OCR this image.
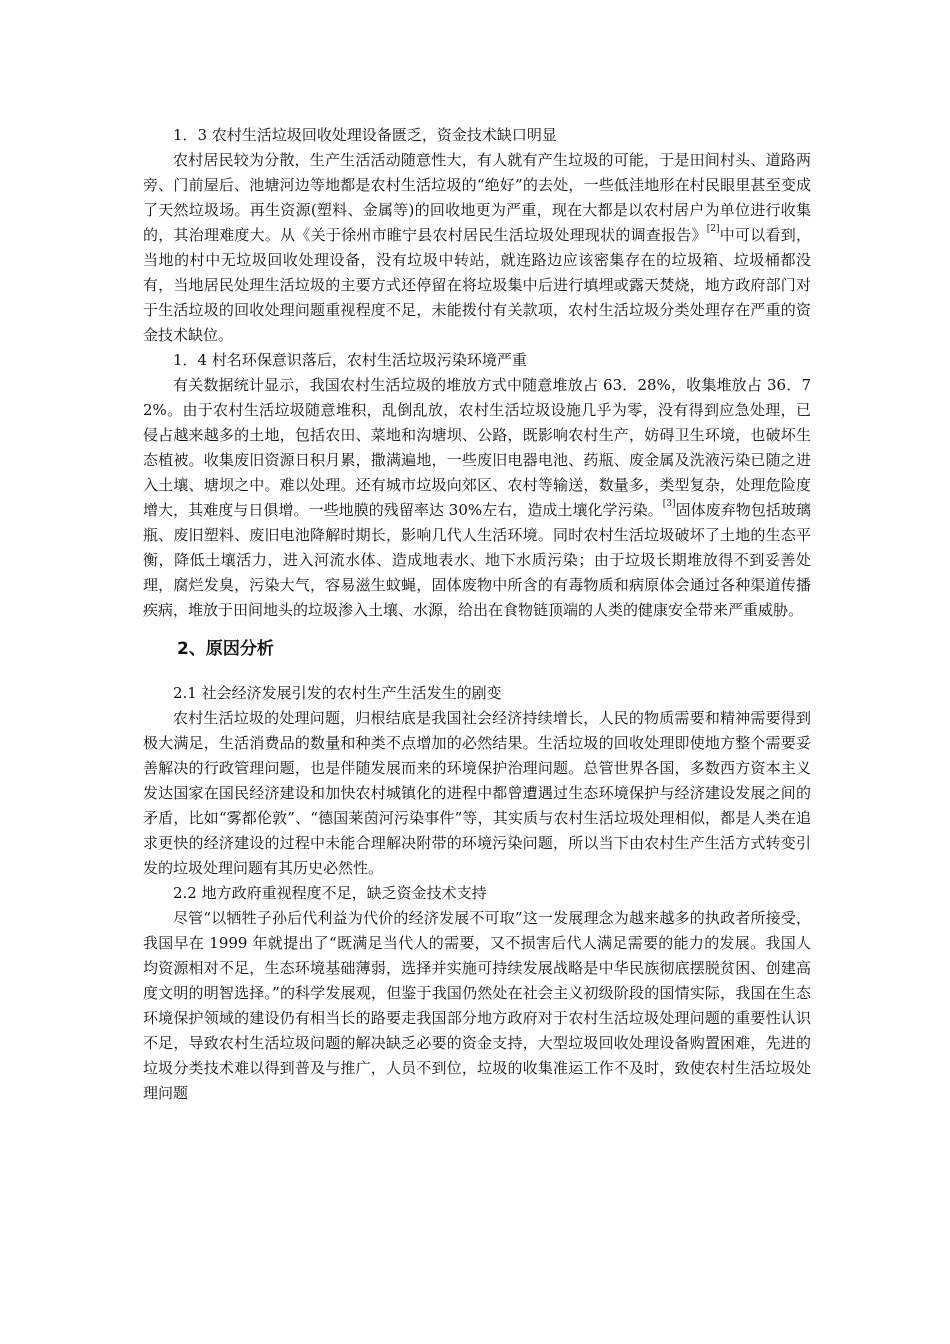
1．3 农村生活垃圾回收处理设备匮乏，资金技术缺口明显

农村居民较为分散，生产生活活动随意性大，有人就有产生垃圾的可能，于是田间村头、道路两旁、门前屋后、池塘河边等地都是农村生活垃圾的“绝好”的去处，一些低洼地形在村民眼里甚至变成了天然垃圾场。再生资源(塑料、金属等)的回收地更为严重，现在大都是以农村居户为单位进行收集的，其治理难度大。从《关于徐州市睢宁县农村居民生活垃圾处理现状的调查报告》[2]中可以看到，当地的村中无垃圾回收处理设备，没有垃圾中转站，就连路边应该密集存在的垃圾箱、垃圾桶都没有，当地居民处理生活垃圾的主要方式还停留在将垃圾集中后进行填埋或露天焚烧，地方政府部门对于生活垃圾的回收处理问题重视程度不足，未能拨付有关款项，农村生活垃圾分类处理存在严重的资金技术缺位。

1．4 村名环保意识落后，农村生活垃圾污染环境严重

有关数据统计显示，我国农村生活垃圾的堆放方式中随意堆放占 63．28%，收集堆放占 36．72%。由于农村生活垃圾随意堆积，乱倒乱放，农村生活垃圾设施几乎为零，没有得到应急处理，已侵占越来越多的土地，包括农田、菜地和沟塘坝、公路，既影响农村生产，妨碍卫生环境，也破坏生态植被。收集废旧资源日积月累，撒满遍地，一些废旧电器电池、药瓶、废金属及洗液污染已随之进入土壤、塘坝之中。难以处理。还有城市垃圾向郊区、农村等输送，数量多，类型复杂，处理危险度增大，其难度与日俱增。一些地膜的残留率达 30%左右，造成土壤化学污染。[3]固体废弃物包括玻璃瓶、废旧塑料、废旧电池降解时期长，影响几代人生活环境。同时农村生活垃圾破坏了土地的生态平衡，降低土壤活力，进入河流水体、造成地表水、地下水质污染；由于垃圾长期堆放得不到妥善处理，腐烂发臭，污染大气，容易滋生蚊蝇，固体废物中所含的有毒物质和病原体会通过各种渠道传播疾病，堆放于田间地头的垃圾渗入土壤、水源，给出在食物链顶端的人类的健康安全带来严重威胁。

2、原因分析

2.1 社会经济发展引发的农村生产生活发生的剧变

农村生活垃圾的处理问题，归根结底是我国社会经济持续增长，人民的物质需要和精神需要得到极大满足，生活消费品的数量和种类不点增加的必然结果。生活垃圾的回收处理即使地方整个需要妥善解决的行政管理问题，也是伴随发展而来的环境保护治理问题。总管世界各国，多数西方资本主义发达国家在国民经济建设和加快农村城镇化的进程中都曾遭遇过生态环境保护与经济建设发展之间的矛盾，比如“雾都伦敦”、“德国莱茵河污染事件”等，其实质与农村生活垃圾处理相似，都是人类在追求更快的经济建设的过程中未能合理解决附带的环境污染问题，所以当下由农村生产生活方式转变引发的垃圾处理问题有其历史必然性。

2.2 地方政府重视程度不足，缺乏资金技术支持

尽管“以牺牲子孙后代利益为代价的经济发展不可取”这一发展理念为越来越多的执政者所接受，我国早在 1999 年就提出了“既满足当代人的需要，又不损害后代人满足需要的能力的发展。我国人均资源相对不足，生态环境基础薄弱，选择并实施可持续发展战略是中华民族彻底摆脱贫困、创建高度文明的明智选择。”的科学发展观，但鉴于我国仍然处在社会主义初级阶段的国情实际，我国在生态环境保护领域的建设仍有相当长的路要走我国部分地方政府对于农村生活垃圾处理问题的重要性认识不足，导致农村生活垃圾问题的解决缺乏必要的资金支持，大型垃圾回收处理设备购置困难，先进的垃圾分类技术难以得到普及与推广，人员不到位，垃圾的收集准运工作不及时，致使农村生活垃圾处理问题
